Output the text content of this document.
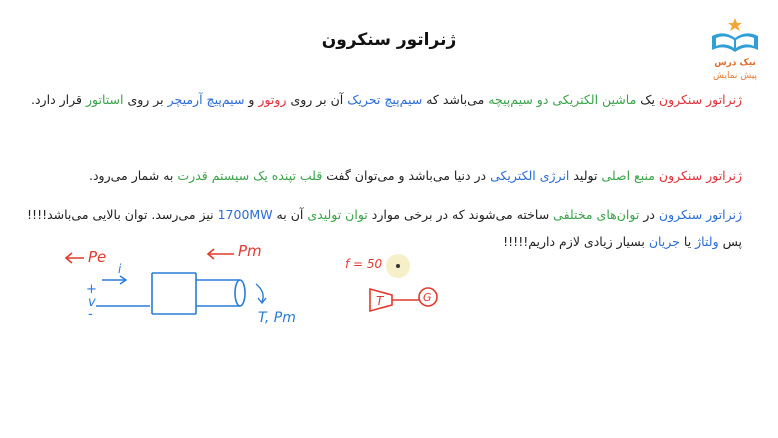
ژنراتور سنکرون
نیک درس
پیش نمایش
ژنراتور سنکرون یک ماشین الکتریکی دو سیم‌پیچه می‌باشد که سیم‌پیچ تحریک آن بر روی روتور و سیم‌پیچ آرمیچر بر روی استاتور قرار دارد.
ژنراتور سنکرون منبع اصلی تولید انرژی الکتریکی در دنیا می‌باشد و می‌توان گفت قلب تپنده یک سیستم قدرت به شمار می‌رود.
ژنراتور سنکرون در توان‌های مختلفی ساخته می‌شوند که در برخی موارد توان تولیدی آن به 1700MW نیز می‌رسد. توان بالایی می‌باشد!!!! پس ولتاژ یا جریان بسیار زیادی لازم داریم!!!!!
Pe	Pm
i
+
v
-	T, Pm
f = 50
T	G
